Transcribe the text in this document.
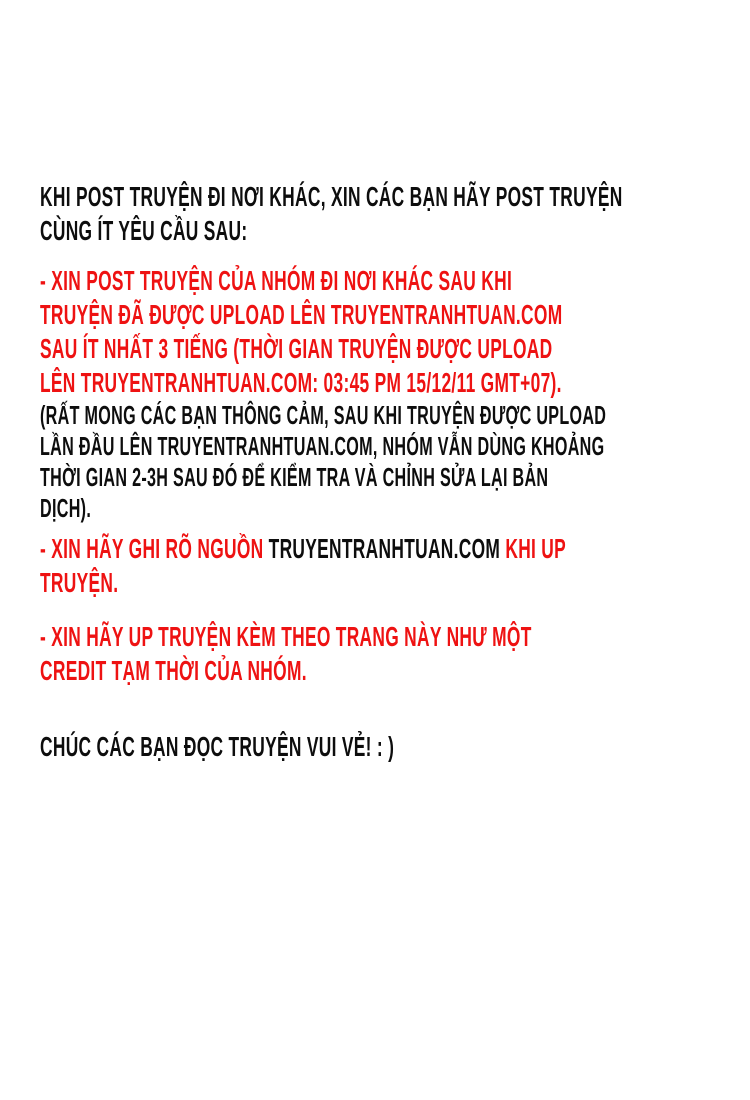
KHI POST TRUYỆN ĐI NƠI KHÁC, XIN CÁC BẠN HÃY POST TRUYỆN
CÙNG ÍT YÊU CẦU SAU:
- XIN POST TRUYỆN CỦA NHÓM ĐI NƠI KHÁC SAU KHI
TRUYỆN ĐÃ ĐƯỢC UPLOAD LÊN TRUYENTRANHTUAN.COM
SAU ÍT NHẤT 3 TIẾNG (THỜI GIAN TRUYỆN ĐƯỢC UPLOAD
LÊN TRUYENTRANHTUAN.COM: 03:45 PM 15/12/11 GMT+07).
(RẤT MONG CÁC BẠN THÔNG CẢM, SAU KHI TRUYỆN ĐƯỢC UPLOAD
LẦN ĐẦU LÊN TRUYENTRANHTUAN.COM, NHÓM VẪN DÙNG KHOẢNG
THỜI GIAN 2-3H SAU ĐÓ ĐỂ KIỂM TRA VÀ CHỈNH SỬA LẠI BẢN
DỊCH).
- XIN HÃY GHI RÕ NGUỒN TRUYENTRANHTUAN.COM KHI UP
TRUYỆN.
- XIN HÃY UP TRUYỆN KÈM THEO TRANG NÀY NHƯ MỘT
CREDIT TẠM THỜI CỦA NHÓM.
CHÚC CÁC BẠN ĐỌC TRUYỆN VUI VẺ! : )
